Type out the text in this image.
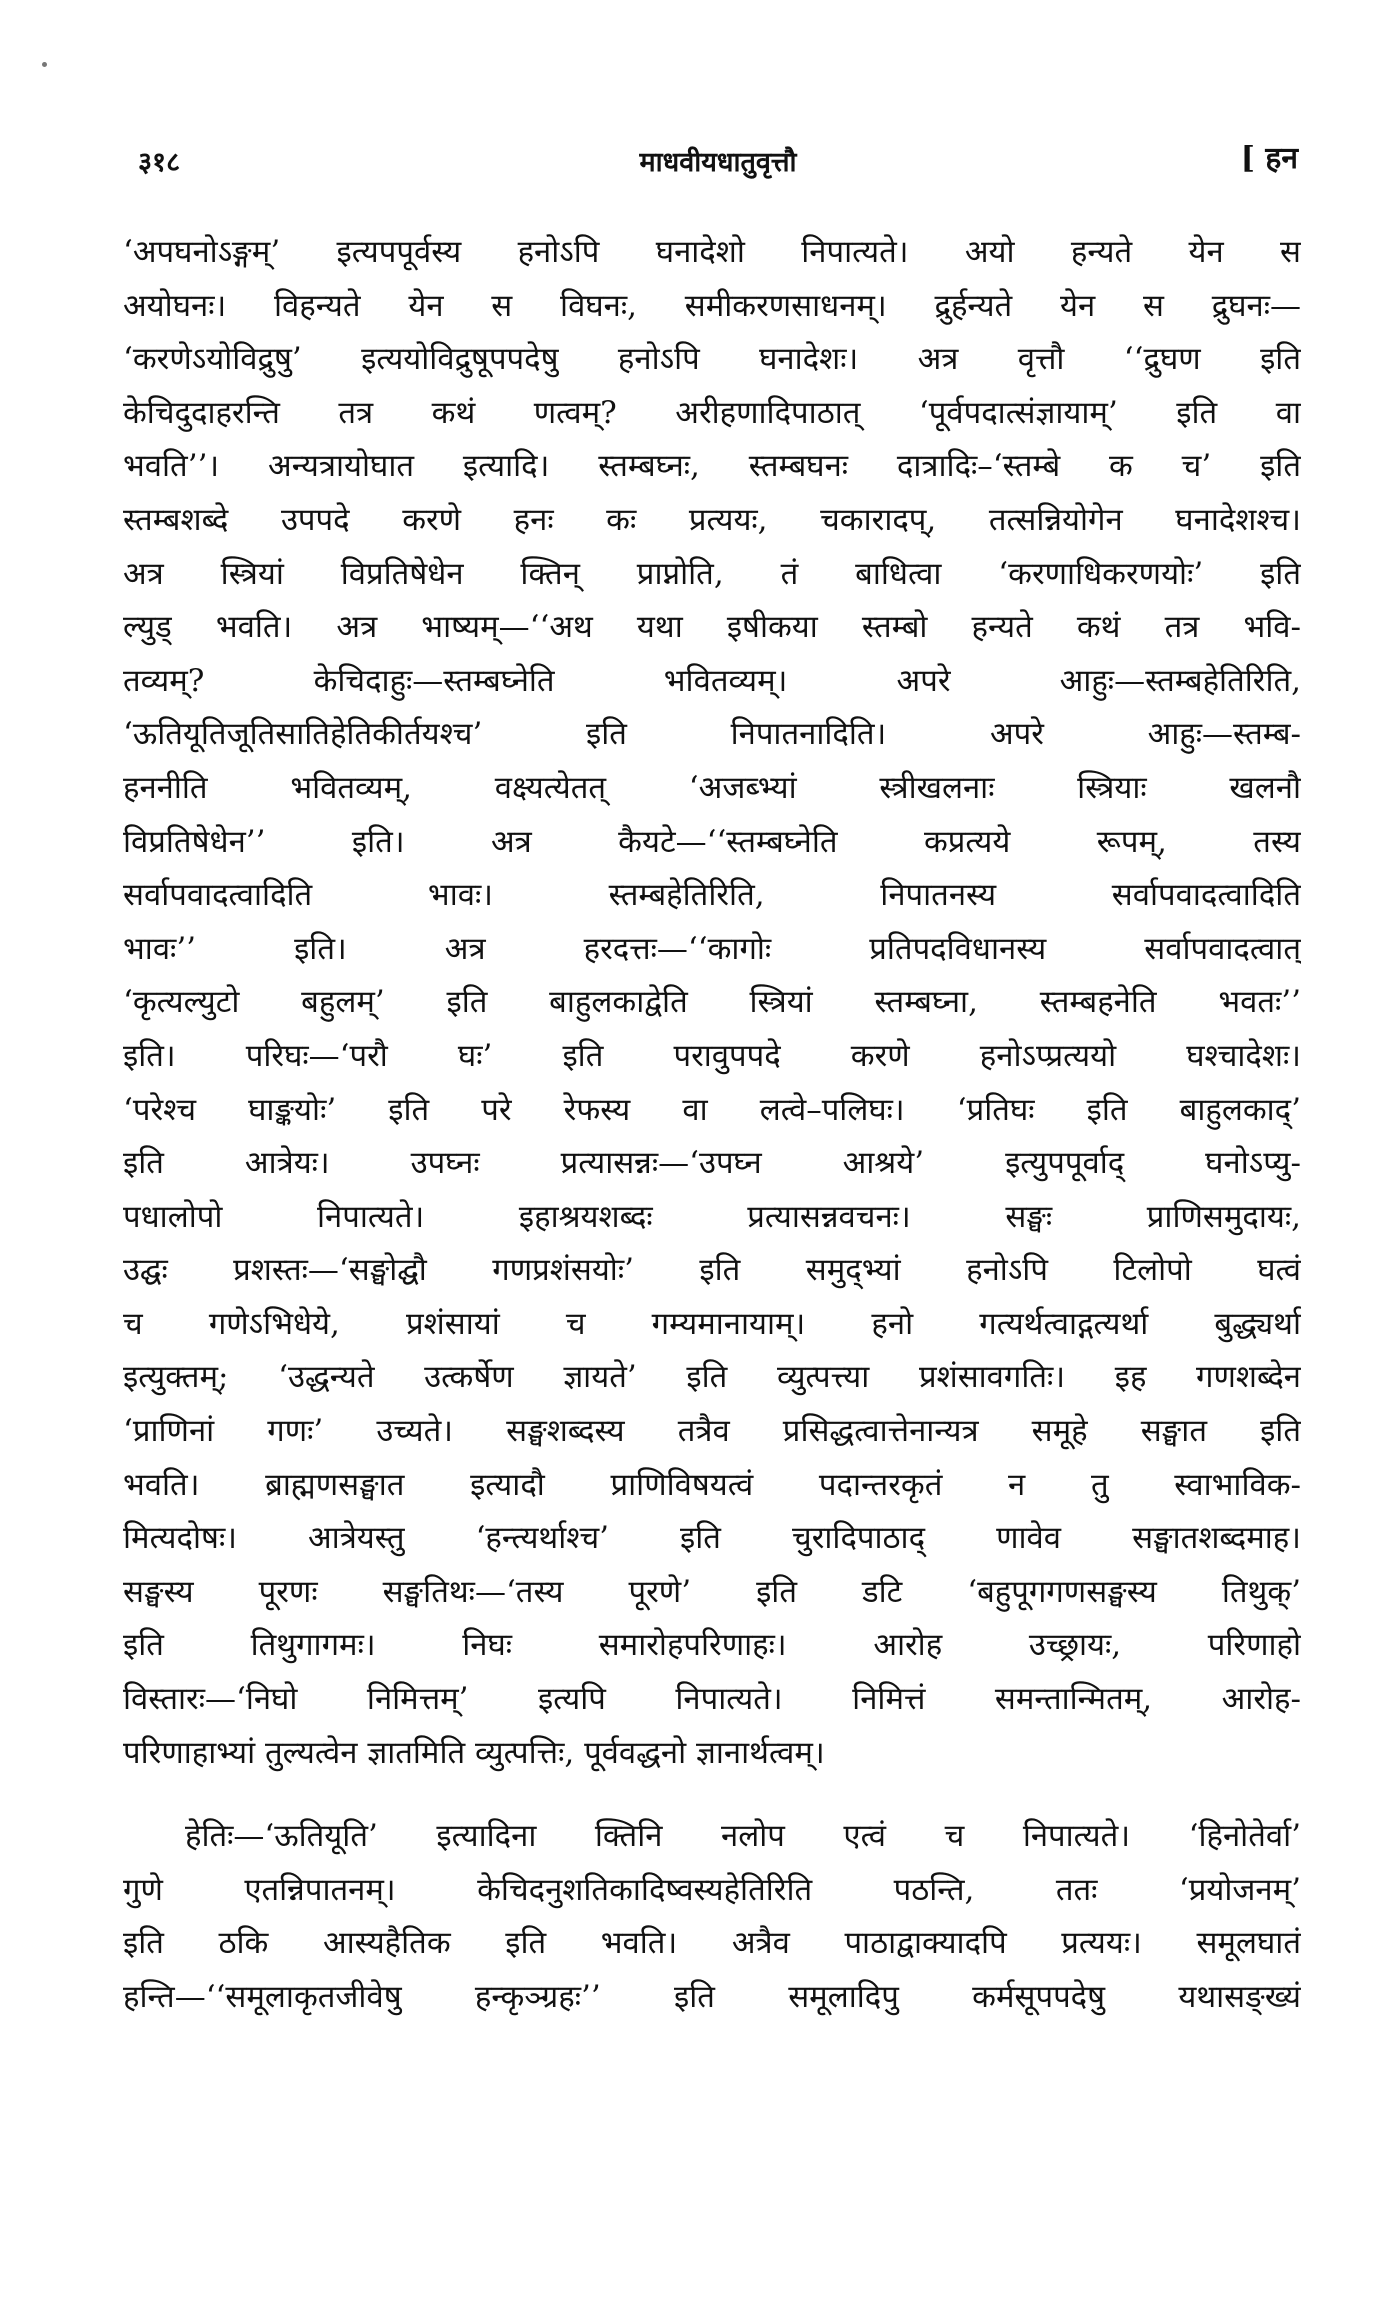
३१८	माधवीयधातुवृत्तौ	[ हन
‘अपघनोऽङ्गम्’ इत्यपपूर्वस्य हनोऽपि घनादेशो निपात्यते। अयो हन्यते येन स
अयोघनः। विहन्यते येन स विघनः, समीकरणसाधनम्। द्रुर्हन्यते येन स द्रुघनः—
‘करणेऽयोविद्रुषु’ इत्ययोविद्रुषूपपदेषु हनोऽपि घनादेशः। अत्र वृत्तौ ‘‘द्रुघण इति
केचिदुदाहरन्ति तत्र कथं णत्वम्? अरीहणादिपाठात् ‘पूर्वपदात्संज्ञायाम्’ इति वा
भवति’’। अन्यत्रायोघात इत्यादि। स्तम्बघ्नः, स्तम्बघनः दात्रादिः–‘स्तम्बे क च’ इति
स्तम्बशब्दे उपपदे करणे हनः कः प्रत्ययः, चकारादप्, तत्सन्नियोगेन घनादेशश्च।
अत्र स्त्रियां विप्रतिषेधेन क्तिन् प्राप्नोति, तं बाधित्वा ‘करणाधिकरणयोः’ इति
ल्युड् भवति। अत्र भाष्यम्—‘‘अथ यथा इषीकया स्तम्बो हन्यते कथं तत्र भवि-
तव्यम्? केचिदाहुः—स्तम्बघ्नेति भवितव्यम्। अपरे आहुः—स्तम्बहेतिरिति,
‘ऊतियूतिजूतिसातिहेतिकीर्तयश्च’ इति निपातनादिति। अपरे आहुः—स्तम्ब-
हननीति भवितव्यम्, वक्ष्यत्येतत् ‘अजब्भ्यां स्त्रीखलनाः स्त्रियाः खलनौ
विप्रतिषेधेन’’ इति। अत्र कैयटे—‘‘स्तम्बघ्नेति कप्रत्यये रूपम्, तस्य
सर्वापवादत्वादिति भावः। स्तम्बहेतिरिति, निपातनस्य सर्वापवादत्वादिति
भावः’’ इति। अत्र हरदत्तः—‘‘कागोः प्रतिपदविधानस्य सर्वापवादत्वात्
‘कृत्यल्युटो बहुलम्’ इति बाहुलकाद्वेति स्त्रियां स्तम्बघ्ना, स्तम्बहनेति भवतः’’
इति। परिघः—‘परौ घः’ इति परावुपपदे करणे हनोऽप्प्रत्ययो घश्चादेशः।
‘परेश्च घाङ्कयोः’ इति परे रेफस्य वा लत्वे–पलिघः। ‘प्रतिघः इति बाहुलकाद्’
इति आत्रेयः। उपघ्नः प्रत्यासन्नः—‘उपघ्न आश्रये’ इत्युपपूर्वाद् घनोऽप्यु-
पधालोपो निपात्यते। इहाश्रयशब्दः प्रत्यासन्नवचनः। सङ्घः प्राणिसमुदायः,
उद्घः प्रशस्तः—‘सङ्घोद्घौ गणप्रशंसयोः’ इति समुद्भ्यां हनोऽपि टिलोपो घत्वं
च गणेऽभिधेये, प्रशंसायां च गम्यमानायाम्। हनो गत्यर्थत्वाद्गत्यर्था बुद्ध्यर्था
इत्युक्तम्; ‘उद्धन्यते उत्कर्षेण ज्ञायते’ इति व्युत्पत्त्या प्रशंसावगतिः। इह गणशब्देन
‘प्राणिनां गणः’ उच्यते। सङ्घशब्दस्य तत्रैव प्रसिद्धत्वात्तेनान्यत्र समूहे सङ्घात इति
भवति। ब्राह्मणसङ्घात इत्यादौ प्राणिविषयत्वं पदान्तरकृतं न तु स्वाभाविक-
मित्यदोषः। आत्रेयस्तु ‘हन्त्यर्थाश्च’ इति चुरादिपाठाद् णावेव सङ्घातशब्दमाह।
सङ्घस्य पूरणः सङ्घतिथः—‘तस्य पूरणे’ इति डटि ‘बहुपूगगणसङ्घस्य तिथुक्’
इति तिथुगागमः। निघः समारोहपरिणाहः। आरोह उच्छ्रायः, परिणाहो
विस्तारः—‘निघो निमित्तम्’ इत्यपि निपात्यते। निमित्तं समन्तान्मितम्, आरोह-
परिणाहाभ्यां तुल्यत्वेन ज्ञातमिति व्युत्पत्तिः, पूर्ववद्धनो ज्ञानार्थत्वम्।
हेतिः—‘ऊतियूति’ इत्यादिना क्तिनि नलोप एत्वं च निपात्यते। ‘हिनोतेर्वा’
गुणे एतन्निपातनम्। केचिदनुशतिकादिष्वस्यहेतिरिति पठन्ति, ततः ‘प्रयोजनम्’
इति ठकि आस्यहैतिक इति भवति। अत्रैव पाठाद्वाक्यादपि प्रत्ययः। समूलघातं
हन्ति—‘‘समूलाकृतजीवेषु हन्कृञ्ग्रहः’’ इति समूलादिपु कर्मसूपपदेषु यथासङ्ख्यं
